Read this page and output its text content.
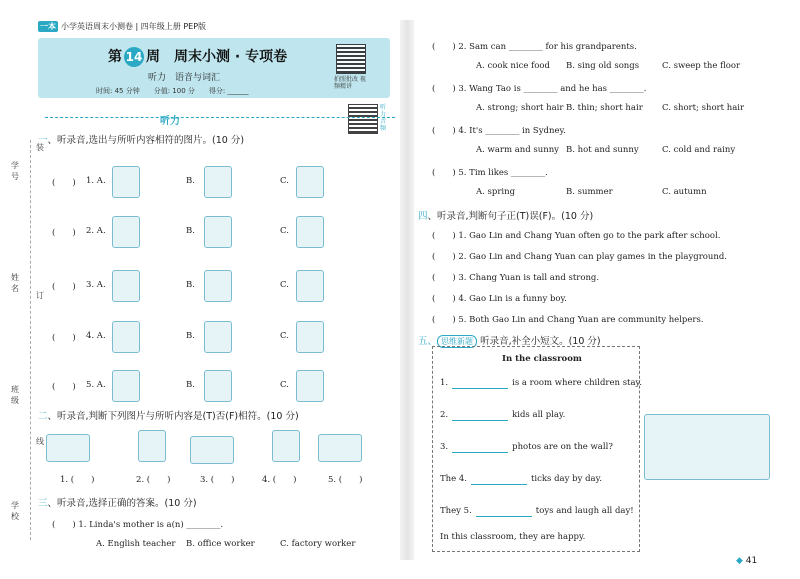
一本 小学英语周末小测卷 | 四年级上册 PEP版
第 14 周　周末小测 · 专项卷
听力　语音与词汇
时间: 45 分钟　　分值: 100 分　　得分: ______
拍照批改 视频精讲
听力音频
听力
学号
姓名
班级
学校
装
订
线
一、听录音,选出与所听内容相符的图片。(10 分)
(　　) 1. A.	B.	C.
(　　) 2. A.	B.	C.
(　　) 3. A.	B.	C.
(　　) 4. A.	B.	C.
(　　) 5. A.	B.	C.
二、听录音,判断下列图片与所听内容是(T)否(F)相符。(10 分)
1. (　　)	2. (　　)	3. (　　)	4. (　　)	5. (　　)
三、听录音,选择正确的答案。(10 分)
(　　) 1. Linda's mother is a(n) ________.
A. English teacher B. office worker	C. factory worker
(　　) 2. Sam can ________ for his grandparents.
A. cook nice food B. sing old songs	C. sweep the floor
(　　) 3. Wang Tao is ________ and he has ________.
A. strong; short hair B. thin; short hair C. short; short hair
(　　) 4. It's ________ in Sydney.
A. warm and sunny B. hot and sunny	C. cold and rainy
(　　) 5. Tim likes ________.
A. spring	B. summer	C. autumn
四、听录音,判断句子正(T)误(F)。(10 分)
(　　) 1. Gao Lin and Chang Yuan often go to the park after school.
(　　) 2. Gao Lin and Chang Yuan can play games in the playground.
(　　) 3. Chang Yuan is tall and strong.
(　　) 4. Gao Lin is a funny boy.
(　　) 5. Both Gao Lin and Chang Yuan are community helpers.
五、 思维新题 听录音,补全小短文。(10 分)
In the classroom
1.	is a room where children stay.
2.	kids all play.
3.	photos are on the wall?
The 4.	ticks day by day.
They 5.	toys and laugh all day!
In this classroom, they are happy.
◆ 41
